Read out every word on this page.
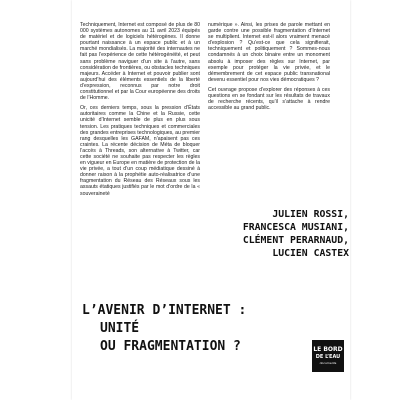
Techniquement, Internet est composé de plus de 80 000 systèmes autonomes au 11 avril 2023 équipés de matériel et de logiciels hétérogènes. Il donne pourtant naissance à un espace public et à un marché mondialisés. La majorité des internautes ne fait pas l’expérience de cette hétérogénéité, et peut sans problème naviguer d’un site à l’autre, sans considération de frontières, ou obstacles techniques majeurs. Accéder à Internet et pouvoir publier sont aujourd’hui des éléments essentiels de la liberté d’expression, reconnus par notre droit constitutionnel et par la Cour européenne des droits de l’Homme.

Or, ces derniers temps, sous la pression d’États autoritaires comme la Chine et la Russie, cette unicité d’Internet semble de plus en plus sous tension. Les pratiques techniques et commerciales des grandes entreprises technologiques, au premier rang desquelles les GAFAM, n’apaisent pas ces craintes. La récente décision de Méta de bloquer l’accès à Threads, son alternative à Twitter, car cette société ne souhaite pas respecter les règles en vigueur en Europe en matière de protection de la vie privée, a tout d’un coup médiatique dessiné à donner raison à la prophétie auto-réalisatrice d’une fragmentation du Réseau des Réseaux sous les assauts étatiques justifiés par le mot d’ordre de la « souveraineté

numérique ». Ainsi, les prises de parole mettant en garde contre une possible fragmentation d’Internet se multiplient. Internet est-il alors vraiment menacé d’explosion ? Qu’est-ce que cela signifierait, techniquement et politiquement ? Sommes-nous condamnés à un choix binaire entre un monoment absolu à imposer des règles sur Internet, par exemple pour protéger la vie privée, et le démembrement de cet espace public transnational devenu essentiel pour nos vies démocratiques ?

Cet ouvrage propose d’explorer des réponses à ces questions en se fondant sur les résultats de travaux de recherche récents, qu’il s’attache à rendre accessible au grand public.

JULIEN ROSSI,
FRANCESCA MUSIANI,
CLÉMENT PERARNAUD,
LUCIEN CASTEX
L’AVENIR D’INTERNET :
UNITÉ
OU FRAGMENTATION ?	LE BORD
DE L’EAU
documents
